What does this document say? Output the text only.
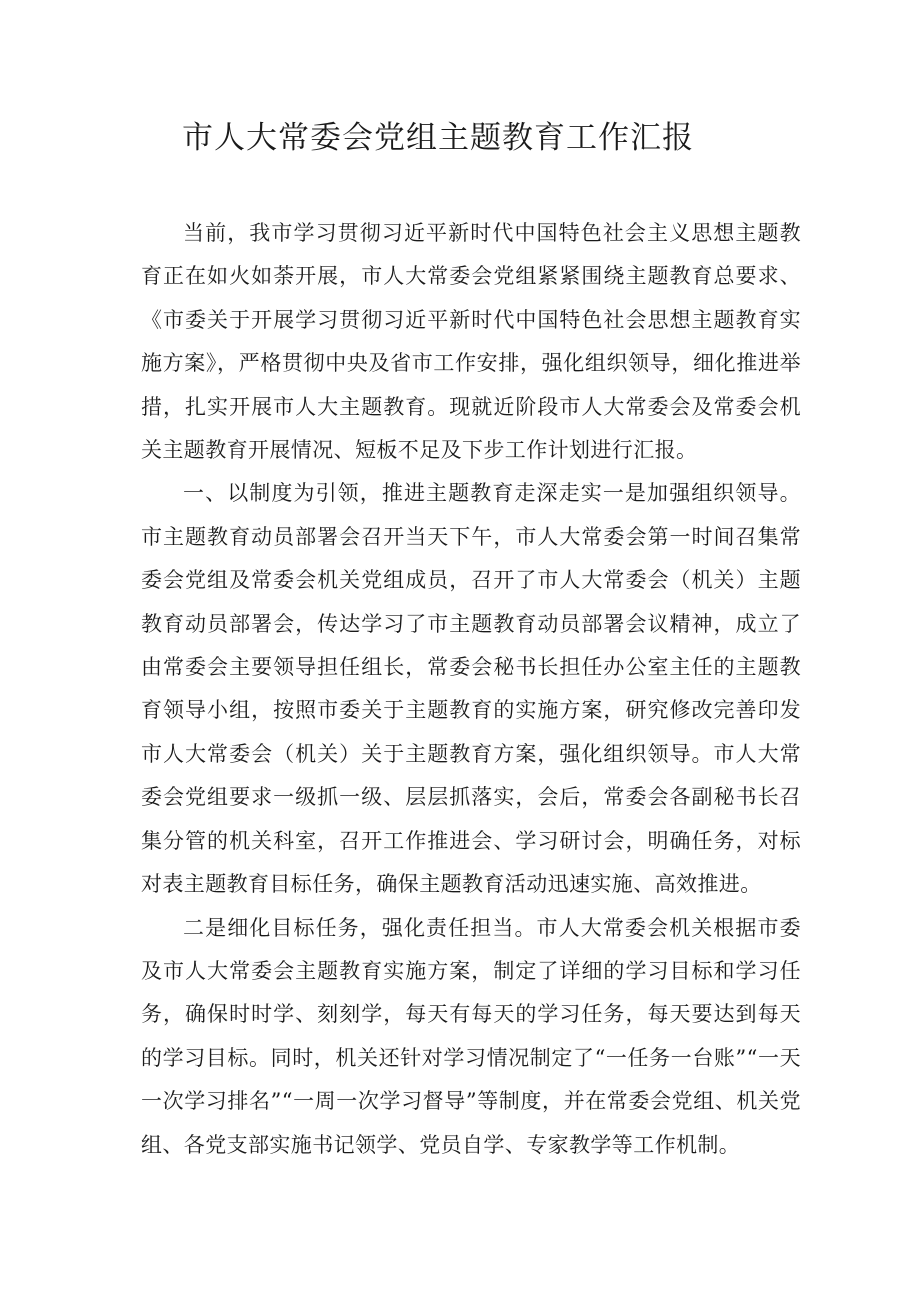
市人大常委会党组主题教育工作汇报

当前，我市学习贯彻习近平新时代中国特色社会主义思想主题教育正在如火如荼开展，市人大常委会党组紧紧围绕主题教育总要求、《市委关于开展学习贯彻习近平新时代中国特色社会思想主题教育实施方案》，严格贯彻中央及省市工作安排，强化组织领导，细化推进举措，扎实开展市人大主题教育。现就近阶段市人大常委会及常委会机关主题教育开展情况、短板不足及下步工作计划进行汇报。

一、以制度为引领，推进主题教育走深走实一是加强组织领导。市主题教育动员部署会召开当天下午，市人大常委会第一时间召集常委会党组及常委会机关党组成员，召开了市人大常委会（机关）主题教育动员部署会，传达学习了市主题教育动员部署会议精神，成立了由常委会主要领导担任组长，常委会秘书长担任办公室主任的主题教育领导小组，按照市委关于主题教育的实施方案，研究修改完善印发市人大常委会（机关）关于主题教育方案，强化组织领导。市人大常委会党组要求一级抓一级、层层抓落实，会后，常委会各副秘书长召集分管的机关科室，召开工作推进会、学习研讨会，明确任务，对标对表主题教育目标任务，确保主题教育活动迅速实施、高效推进。

二是细化目标任务，强化责任担当。市人大常委会机关根据市委及市人大常委会主题教育实施方案，制定了详细的学习目标和学习任务，确保时时学、刻刻学，每天有每天的学习任务，每天要达到每天的学习目标。同时，机关还针对学习情况制定了“一任务一台账”“一天一次学习排名”“一周一次学习督导”等制度，并在常委会党组、机关党组、各党支部实施书记领学、党员自学、专家教学等工作机制。
